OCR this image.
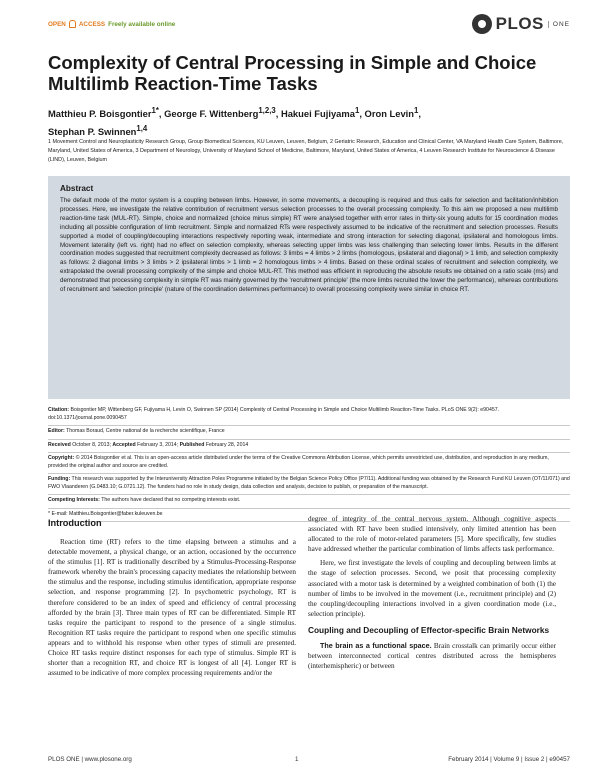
OPEN ACCESS Freely available online	PLOS	ONE
Complexity of Central Processing in Simple and Choice Multilimb Reaction-Time Tasks
Matthieu P. Boisgontier$^{1*}$, George F. Wittenberg$^{1,2,3}$, Hakuei Fujiyama$^1$, Oron Levin$^1$,
Stephan P. Swinnen$^{1,4}$
1 Movement Control and Neuroplasticity Research Group, Group Biomedical Sciences, KU Leuven, Leuven, Belgium, 2 Geriatric Research, Education and Clinical Center, VA Maryland Health Care System, Baltimore, Maryland, United States of America, 3 Department of Neurology, University of Maryland School of Medicine, Baltimore, Maryland, United States of America, 4 Leuven Research Institute for Neuroscience & Disease (LIND), Leuven, Belgium
Abstract

The default mode of the motor system is a coupling between limbs. However, in some movements, a decoupling is required and thus calls for selection and facilitation/inhibition processes. Here, we investigate the relative contribution of recruitment versus selection processes to the overall processing complexity. To this aim we proposed a new multilimb reaction-time task (MUL-RT). Simple, choice and normalized (choice minus simple) RT were analysed together with error rates in thirty-six young adults for 15 coordination modes including all possible configuration of limb recruitment. Simple and normalized RTs were respectively assumed to be indicative of the recruitment and selection processes. Results supported a model of coupling/decoupling interactions respectively reporting weak, intermediate and strong interaction for selecting diagonal, ipsilateral and homologous limbs. Movement laterality (left vs. right) had no effect on selection complexity, whereas selecting upper limbs was less challenging than selecting lower limbs. Results in the different coordination modes suggested that recruitment complexity decreased as follows: 3 limbs = 4 limbs > 2 limbs (homologous, ipsilateral and diagonal) > 1 limb, and selection complexity as follows: 2 diagonal limbs > 3 limbs > 2 ipsilateral limbs > 1 limb = 2 homologous limbs > 4 limbs. Based on these ordinal scales of recruitment and selection complexity, we extrapolated the overall processing complexity of the simple and choice MUL-RT. This method was efficient in reproducing the absolute results we obtained on a ratio scale (ms) and demonstrated that processing complexity in simple RT was mainly governed by the 'recruitment principle' (the more limbs recruited the lower the performance), whereas contributions of recruitment and 'selection principle' (nature of the coordination determines performance) to overall processing complexity were similar in choice RT.

Citation: Boisgontier MP, Wittenberg GF, Fujiyama H, Levin O, Swinnen SP (2014) Complexity of Central Processing in Simple and Choice Multilimb Reaction-Time Tasks. PLoS ONE 9(2): e90457. doi:10.1371/journal.pone.0090457
Editor: Thomas Boraud, Centre national de la recherche scientifique, France
Received October 8, 2013; Accepted February 3, 2014; Published February 28, 2014
Copyright: © 2014 Boisgontier et al. This is an open-access article distributed under the terms of the Creative Commons Attribution License, which permits unrestricted use, distribution, and reproduction in any medium, provided the original author and source are credited.
Funding: This research was supported by the Interuniversity Attraction Poles Programme initiated by the Belgian Science Policy Office (P7/11). Additional funding was obtained by the Research Fund KU Leuven (OT/11/071) and FWO Vlaanderen (G.0483.10; G.0721.12). The funders had no role in study design, data collection and analysis, decision to publish, or preparation of the manuscript.
Competing Interests: The authors have declared that no competing interests exist.
* E-mail: Matthieu.Boisgontier@faber.kuleuven.be
Introduction

Reaction time (RT) refers to the time elapsing between a stimulus and a detectable movement, a physical change, or an action, occasioned by the occurrence of the stimulus [1]. RT is traditionally described by a Stimulus-Processing-Response framework whereby the brain's processing capacity mediates the relationship between the stimulus and the response, including stimulus identification, appropriate response selection, and response programming [2]. In psychometric psychology, RT is therefore considered to be an index of speed and efficiency of central processing afforded by the brain [3]. Three main types of RT can be differentiated. Simple RT tasks require the participant to respond to the presence of a single stimulus. Recognition RT tasks require the participant to respond when one specific stimulus appears and to withhold his response when other types of stimuli are presented. Choice RT tasks require distinct responses for each type of stimulus. Simple RT is shorter than a recognition RT, and choice RT is longest of all [4]. Longer RT is assumed to be indicative of more complex processing requirements and/or the

degree of integrity of the central nervous system. Although cognitive aspects associated with RT have been studied intensively, only limited attention has been allocated to the role of motor-related parameters [5]. More specifically, few studies have addressed whether the particular combination of limbs affects task performance.

Here, we first investigate the levels of coupling and decoupling between limbs at the stage of selection processes. Second, we posit that processing complexity associated with a motor task is determined by a weighted combination of both (1) the number of limbs to be involved in the movement (i.e., recruitment principle) and (2) the coupling/decoupling interactions involved in a given coordination mode (i.e., selection principle).

Coupling and Decoupling of Effector-specific Brain Networks

The brain as a functional space. Brain crosstalk can primarily occur either between interconnected cortical centres distributed across the hemispheres (interhemispheric) or between

PLOS ONE | www.plosone.org	1	February 2014 | Volume 9 | Issue 2 | e90457
